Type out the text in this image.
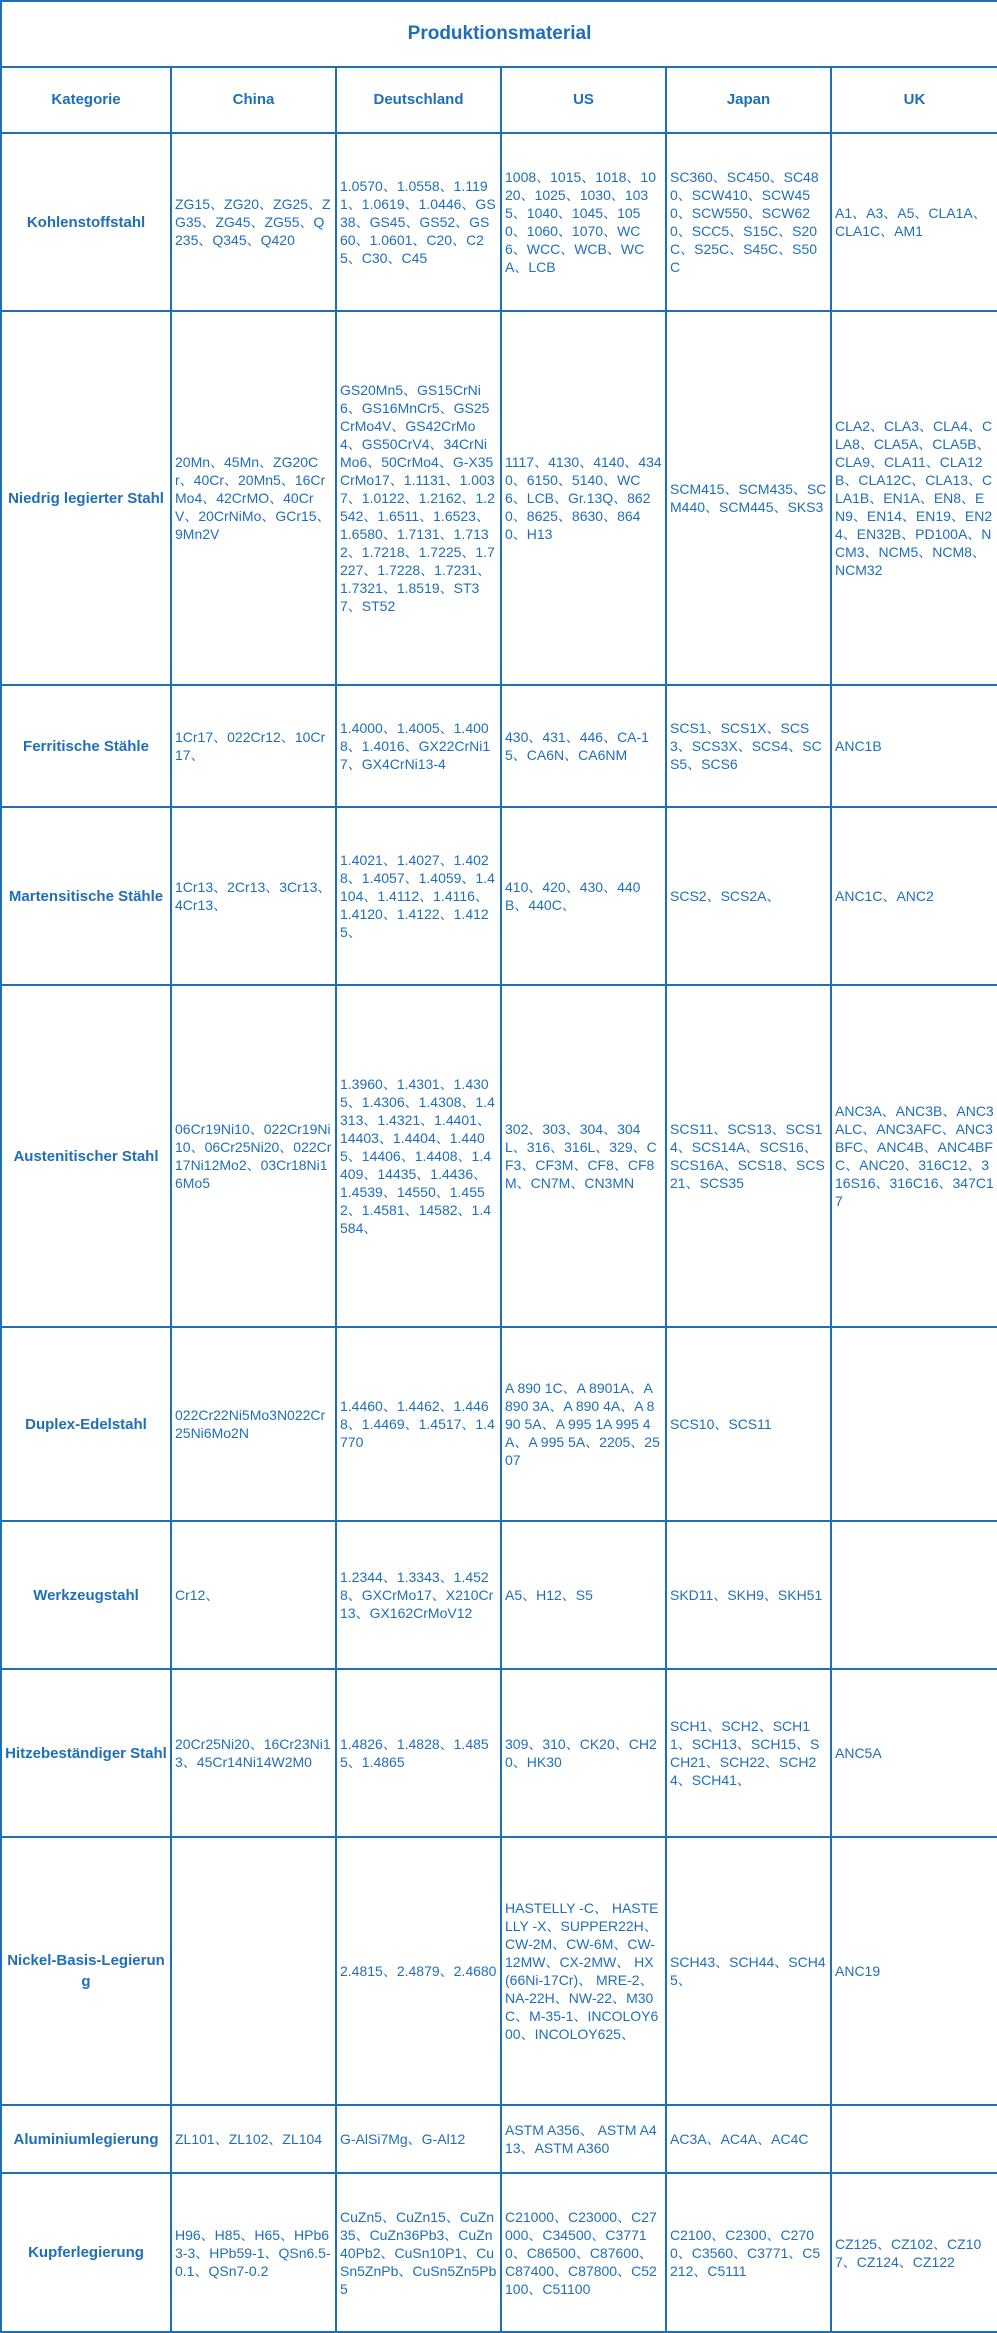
Produktionsmaterial					
Kategorie	China	Deutschland	US	Japan	UK
Kohlenstoffstahl	ZG15、ZG20、ZG25、ZG35、ZG45、ZG55、Q235、Q345、Q420	1.0570、1.0558、1.1191、1.0619、1.0446、GS38、GS45、GS52、GS60、1.0601、C20、C25、C30、C45	1008、1015、1018、1020、1025、1030、1035、1040、1045、1050、1060、1070、WC6、WCC、WCB、WCA、LCB	SC360、SC450、SC480、SCW410、SCW450、SCW550、SCW620、SCC5、S15C、S20C、S25C、S45C、S50C	A1、A3、A5、CLA1A、CLA1C、AM1
Niedrig legierter Stahl	20Mn、45Mn、ZG20Cr、40Cr、20Mn5、16CrMo4、42CrMO、40CrV、20CrNiMo、GCr15、9Mn2V	GS20Mn5、GS15CrNi6、GS16MnCr5、GS25CrMo4V、GS42CrMo4、GS50CrV4、34CrNiMo6、50CrMo4、G-X35CrMo17、1.1131、1.0037、1.0122、1.2162、1.2542、1.6511、1.6523、1.6580、1.7131、1.7132、1.7218、1.7225、1.7227、1.7228、1.7231、1.7321、1.8519、ST37、ST52	1117、4130、4140、4340、6150、5140、WC6、LCB、Gr.13Q、8620、8625、8630、8640、H13	SCM415、SCM435、SCM440、SCM445、SKS3	CLA2、CLA3、CLA4、CLA8、CLA5A、CLA5B、CLA9、CLA11、CLA12B、CLA12C、CLA13、CLA1B、EN1A、EN8、EN9、EN14、EN19、EN24、EN32B、PD100A、NCM3、NCM5、NCM8、NCM32
Ferritische Stähle	1Cr17、022Cr12、10Cr17、	1.4000、1.4005、1.4008、1.4016、GX22CrNi17、GX4CrNi13-4	430、431、446、CA-15、CA6N、CA6NM	SCS1、SCS1X、SCS3、SCS3X、SCS4、SCS5、SCS6	ANC1B
Martensitische Stähle	1Cr13、2Cr13、3Cr13、4Cr13、	1.4021、1.4027、1.4028、1.4057、1.4059、1.4104、1.4112、1.4116、1.4120、1.4122、1.4125、	410、420、430、440B、440C、	SCS2、SCS2A、	ANC1C、ANC2
Austenitischer Stahl	06Cr19Ni10、022Cr19Ni10、06Cr25Ni20、022Cr17Ni12Mo2、03Cr18Ni16Mo5	1.3960、1.4301、1.4305、1.4306、1.4308、1.4313、1.4321、1.4401、14403、1.4404、1.4405、14406、1.4408、1.4409、14435、1.4436、1.4539、14550、1.4552、1.4581、14582、1.4584、	302、303、304、304L、316、316L、329、CF3、CF3M、CF8、CF8M、CN7M、CN3MN	SCS11、SCS13、SCS14、SCS14A、SCS16、SCS16A、SCS18、SCS21、SCS35	ANC3A、ANC3B、ANC3ALC、ANC3AFC、ANC3BFC、ANC4B、ANC4BFC、ANC20、316C12、316S16、316C16、347C17
Duplex-Edelstahl	022Cr22Ni5Mo3N022Cr25Ni6Mo2N	1.4460、1.4462、1.4468、1.4469、1.4517、1.4770	A 890 1C、A 8901A、A 890 3A、A 890 4A、A 890 5A、A 995 1A 995 4A、A 995 5A、2205、2507	SCS10、SCS11	
Werkzeugstahl	Cr12、	1.2344、1.3343、1.4528、GXCrMo17、X210Cr13、GX162CrMoV12	A5、H12、S5	SKD11、SKH9、SKH51	
Hitzebeständiger Stahl	20Cr25Ni20、16Cr23Ni13、45Cr14Ni14W2M0	1.4826、1.4828、1.4855、1.4865	309、310、CK20、CH20、HK30	SCH1、SCH2、SCH11、SCH13、SCH15、SCH21、SCH22、SCH24、SCH41、	ANC5A
Nickel-Basis-Legierung		2.4815、2.4879、2.4680	HASTELLY -C、 HASTELLY -X、SUPPER22H、CW-2M、CW-6M、CW-12MW、CX-2MW、 HX(66Ni-17Cr)、 MRE-2、NA-22H、NW-22、M30C、M-35-1、INCOLOY600、INCOLOY625、	SCH43、SCH44、SCH45、	ANC19
Aluminiumlegierung	ZL101、ZL102、ZL104	G-AlSi7Mg、G-Al12	ASTM A356、 ASTM A413、ASTM A360	AC3A、AC4A、AC4C	
Kupferlegierung	H96、H85、H65、HPb63-3、HPb59-1、QSn6.5-0.1、QSn7-0.2	CuZn5、CuZn15、CuZn35、CuZn36Pb3、CuZn40Pb2、CuSn10P1、CuSn5ZnPb、CuSn5Zn5Pb5	C21000、C23000、C27000、C34500、C37710、C86500、C87600、C87400、C87800、C52100、C51100	C2100、C2300、C2700、C3560、C3771、C5212、C5111	CZ125、CZ102、CZ107、CZ124、CZ122
